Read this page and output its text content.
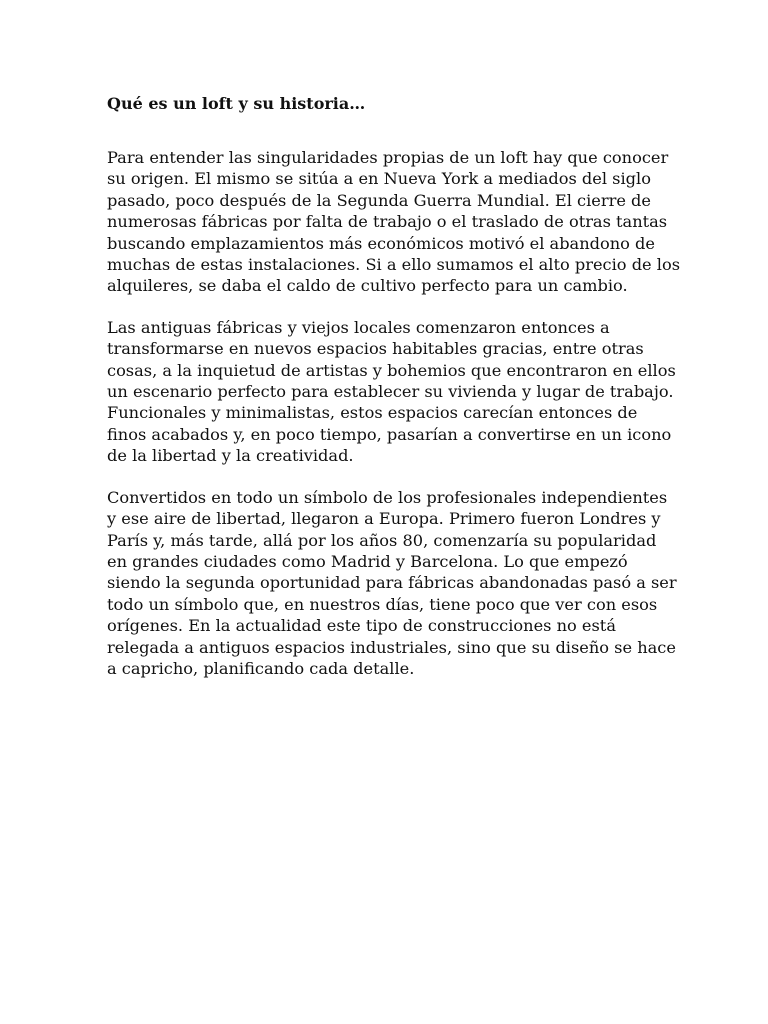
Qué es un loft y su historia…

Para entender las singularidades propias de un loft hay que conocer
su origen. El mismo se sitúa a en Nueva York a mediados del siglo
pasado, poco después de la Segunda Guerra Mundial. El cierre de
numerosas fábricas por falta de trabajo o el traslado de otras tantas
buscando emplazamientos más económicos motivó el abandono de
muchas de estas instalaciones. Si a ello sumamos el alto precio de los
alquileres, se daba el caldo de cultivo perfecto para un cambio.

Las antiguas fábricas y viejos locales comenzaron entonces a
transformarse en nuevos espacios habitables gracias, entre otras
cosas, a la inquietud de artistas y bohemios que encontraron en ellos
un escenario perfecto para establecer su vivienda y lugar de trabajo.
Funcionales y minimalistas, estos espacios carecían entonces de
finos acabados y, en poco tiempo, pasarían a convertirse en un icono
de la libertad y la creatividad.

Convertidos en todo un símbolo de los profesionales independientes
y ese aire de libertad, llegaron a Europa. Primero fueron Londres y
París y, más tarde, allá por los años 80, comenzaría su popularidad
en grandes ciudades como Madrid y Barcelona. Lo que empezó
siendo la segunda oportunidad para fábricas abandonadas pasó a ser
todo un símbolo que, en nuestros días, tiene poco que ver con esos
orígenes. En la actualidad este tipo de construcciones no está
relegada a antiguos espacios industriales, sino que su diseño se hace
a capricho, planificando cada detalle.
